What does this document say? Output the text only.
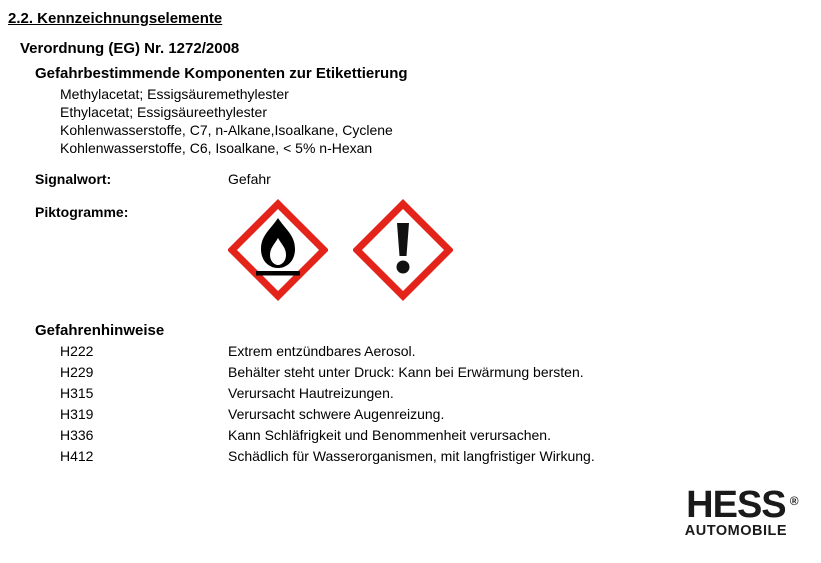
2.2. Kennzeichnungselemente
Verordnung (EG) Nr. 1272/2008
Gefahrbestimmende Komponenten zur Etikettierung
Methylacetat; Essigsäuremethylester
Ethylacetat; Essigsäureethylester
Kohlenwasserstoffe, C7, n-Alkane,Isoalkane, Cyclene
Kohlenwasserstoffe, C6, Isoalkane, < 5% n-Hexan
Signalwort:	Gefahr
Piktogramme:
Gefahrenhinweise
H222	Extrem entzündbares Aerosol.
H229	Behälter steht unter Druck: Kann bei Erwärmung bersten.
H315	Verursacht Hautreizungen.
H319	Verursacht schwere Augenreizung.
H336	Kann Schläfrigkeit und Benommenheit verursachen.
H412	Schädlich für Wasserorganismen, mit langfristiger Wirkung.
HESS ®
AUTOMOBILE
